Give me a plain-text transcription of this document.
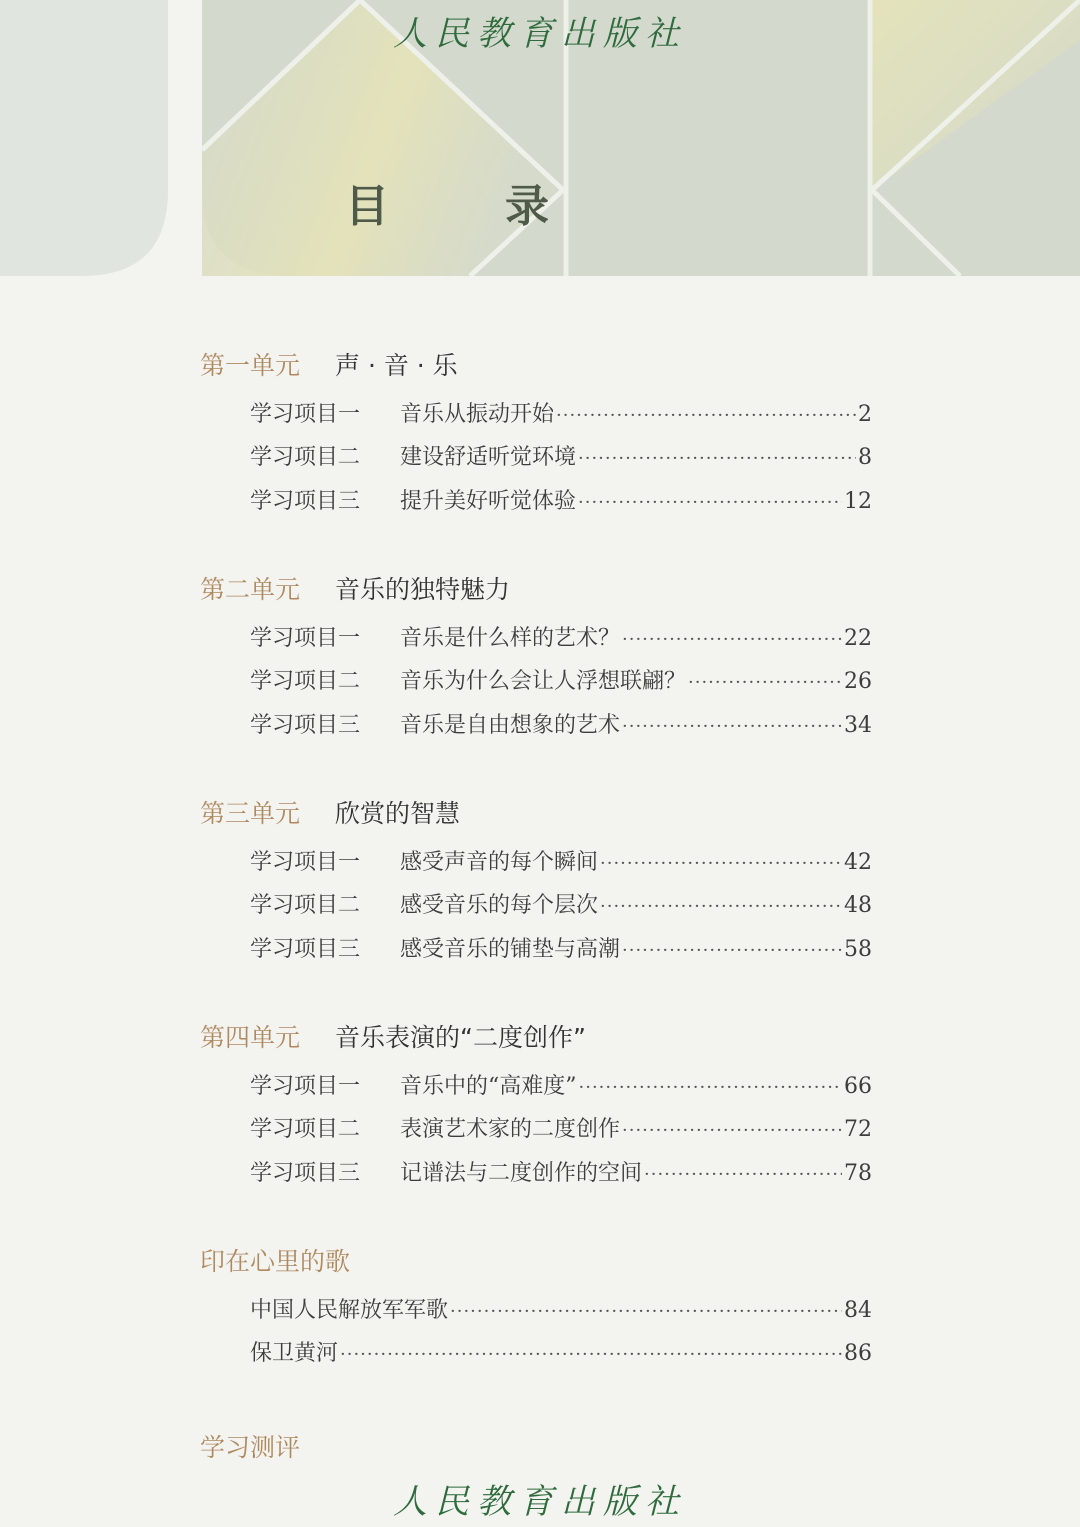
人民教育出版社
目　录
第一单元 声 · 音 · 乐
学习项目一	音乐从振动开始 ·····	2
学习项目二	建设舒适听觉环境 ·····	8
学习项目三	提升美好听觉体验 ·····	12
第二单元 音乐的独特魅力
学习项目一	音乐是什么样的艺术？ ·····	22
学习项目二	音乐为什么会让人浮想联翩？ ·····	26
学习项目三	音乐是自由想象的艺术 ·····	34
第三单元 欣赏的智慧
学习项目一	感受声音的每个瞬间 ·····	42
学习项目二	感受音乐的每个层次 ·····	48
学习项目三	感受音乐的铺垫与高潮 ·····	58
第四单元 音乐表演的“二度创作”
学习项目一	音乐中的“高难度” ·····	66
学习项目二	表演艺术家的二度创作 ·····	72
学习项目三	记谱法与二度创作的空间 ·····	78
印在心里的歌
中国人民解放军军歌 ·····	84
保卫黄河 ·····	86
学习测评
人民教育出版社
